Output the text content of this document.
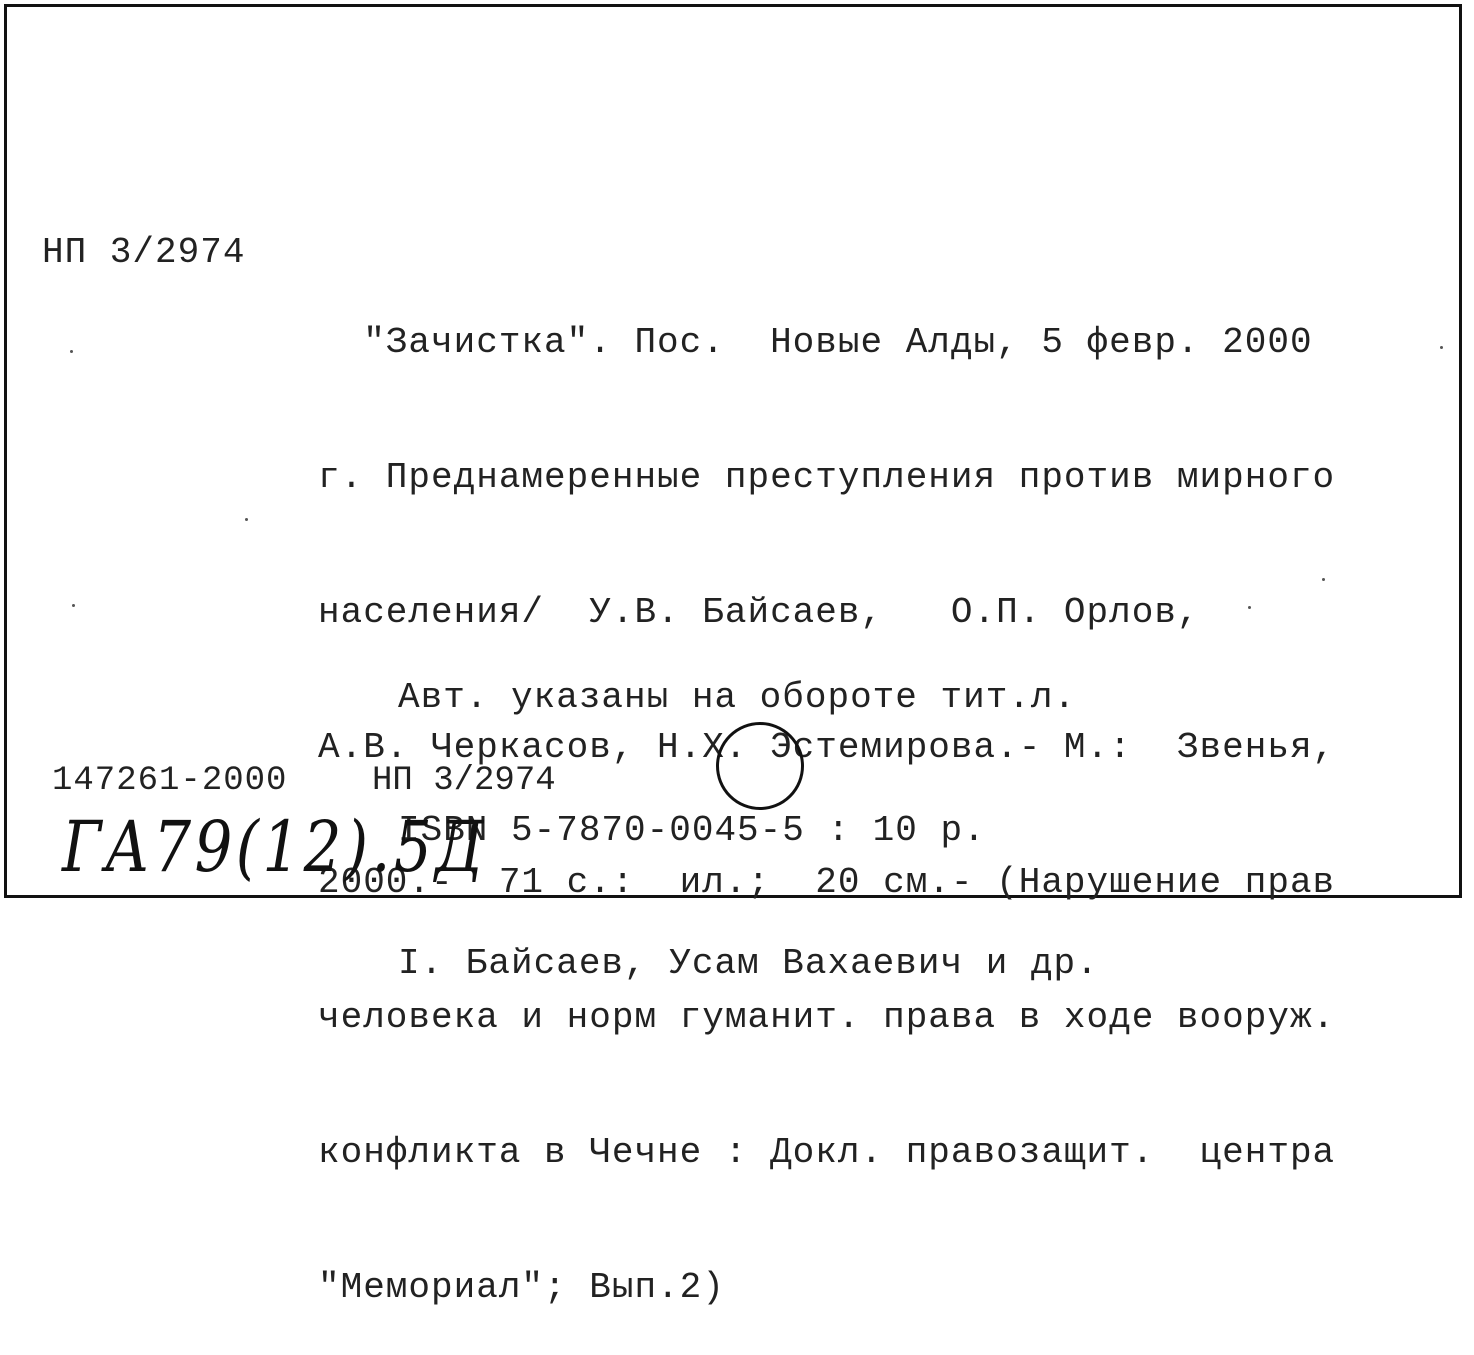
НП 3/2974

"Зачистка". Пос.  Новые Алды, 5 февр. 2000

г. Преднамеренные преступления против мирного

населения/  У.В. Байсаев,   О.П. Орлов,

А.В. Черкасов, Н.Х. Эстемирова.- М.:  Звенья,

2000.-  71 с.:  ил.;  20 см.- (Нарушение прав

человека и норм гуманит. права в ходе вооруж.

конфликта в Чечне : Докл. правозащит.  центра

"Мемориал"; Вып.2)

Авт. указаны на обороте тит.л.

ISBN 5-7870-0045-5 : 10 р.

I. Байсаев, Усам Вахаевич и др.

147261-2000 НП 3/2974
ГА79(12).5Д
